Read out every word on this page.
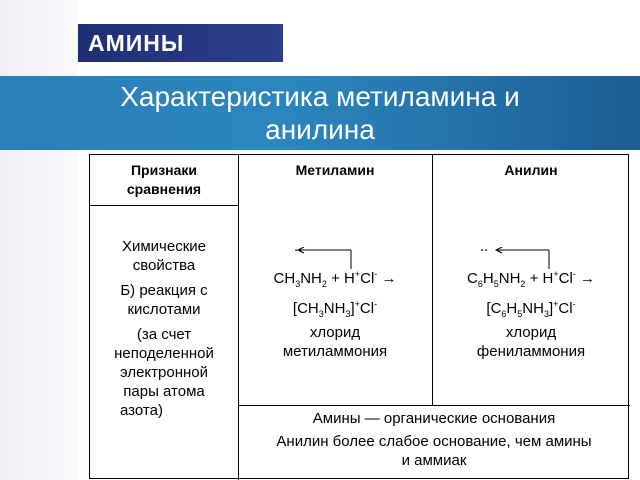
АМИНЫ
Характеристика метиламина и
анилина
Признаки
сравнения
Метиламин	Анилин
Химические
свойства
Б) реакция с
кислотами
(за счет
неподеленной
электронной
пары атома
азота)
..
$CH_3NH_2 + H^+Cl^-$ →
$[CH_3NH_3]^+Cl^-$
хлорид
метиламмония
..
$C_6H_5NH_2 + H^+Cl^-$ →
$[C_6H_5NH_3]^+Cl^-$
хлорид
фениламмония
Амины — органические основания
Анилин более слабое основание, чем амины
и аммиак
